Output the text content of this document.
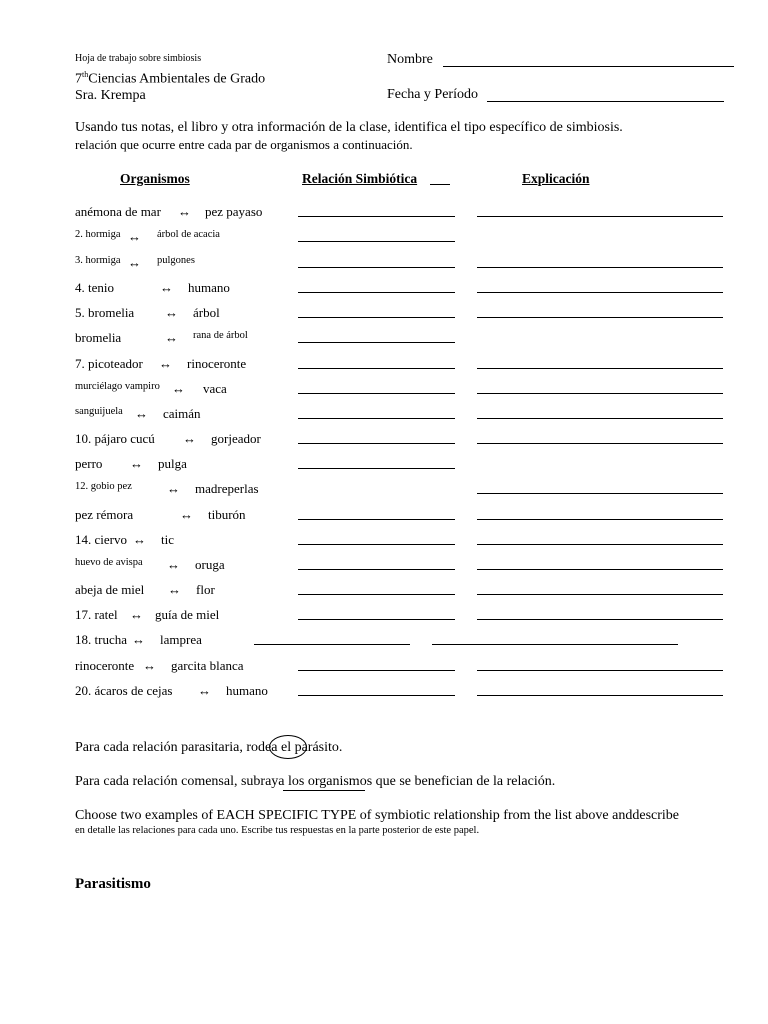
Hoja de trabajo sobre simbiosis
7thCiencias Ambientales de Grado
Sra. Krempa
Nombre
Fecha y Período
Usando tus notas, el libro y otra información de la clase, identifica el tipo específico de simbiosis.
relación que ocurre entre cada par de organismos a continuación.
Organismos	Relación Simbiótica	Explicación
anémona de mar ↔ pez payaso
2. hormiga ↔ árbol de acacia
3. hormiga ↔ pulgones
4. tenio	↔ humano
5. bromelia ↔ árbol
bromelia	↔ rana de árbol
7. picoteador ↔ rinoceronte
murciélago vampiro ↔ vaca
sanguijuela ↔ caimán
10. pájaro cucú ↔ gorjeador
perro ↔ pulga
12. gobio pez	↔ madreperlas
pez rémora	↔ tiburón
14. ciervo ↔ tic
huevo de avispa ↔ oruga
abeja de miel ↔ flor
17. ratel ↔ guía de miel
18. trucha ↔ lamprea
rinoceronte ↔ garcita blanca
20. ácaros de cejas ↔ humano
Para cada relación parasitaria, rodea el parásito.
Para cada relación comensal, subraya los organismos que se benefician de la relación.
Choose two examples of EACH SPECIFIC TYPE of symbiotic relationship from the list above anddescribe
en detalle las relaciones para cada uno. Escribe tus respuestas en la parte posterior de este papel.
Parasitismo
